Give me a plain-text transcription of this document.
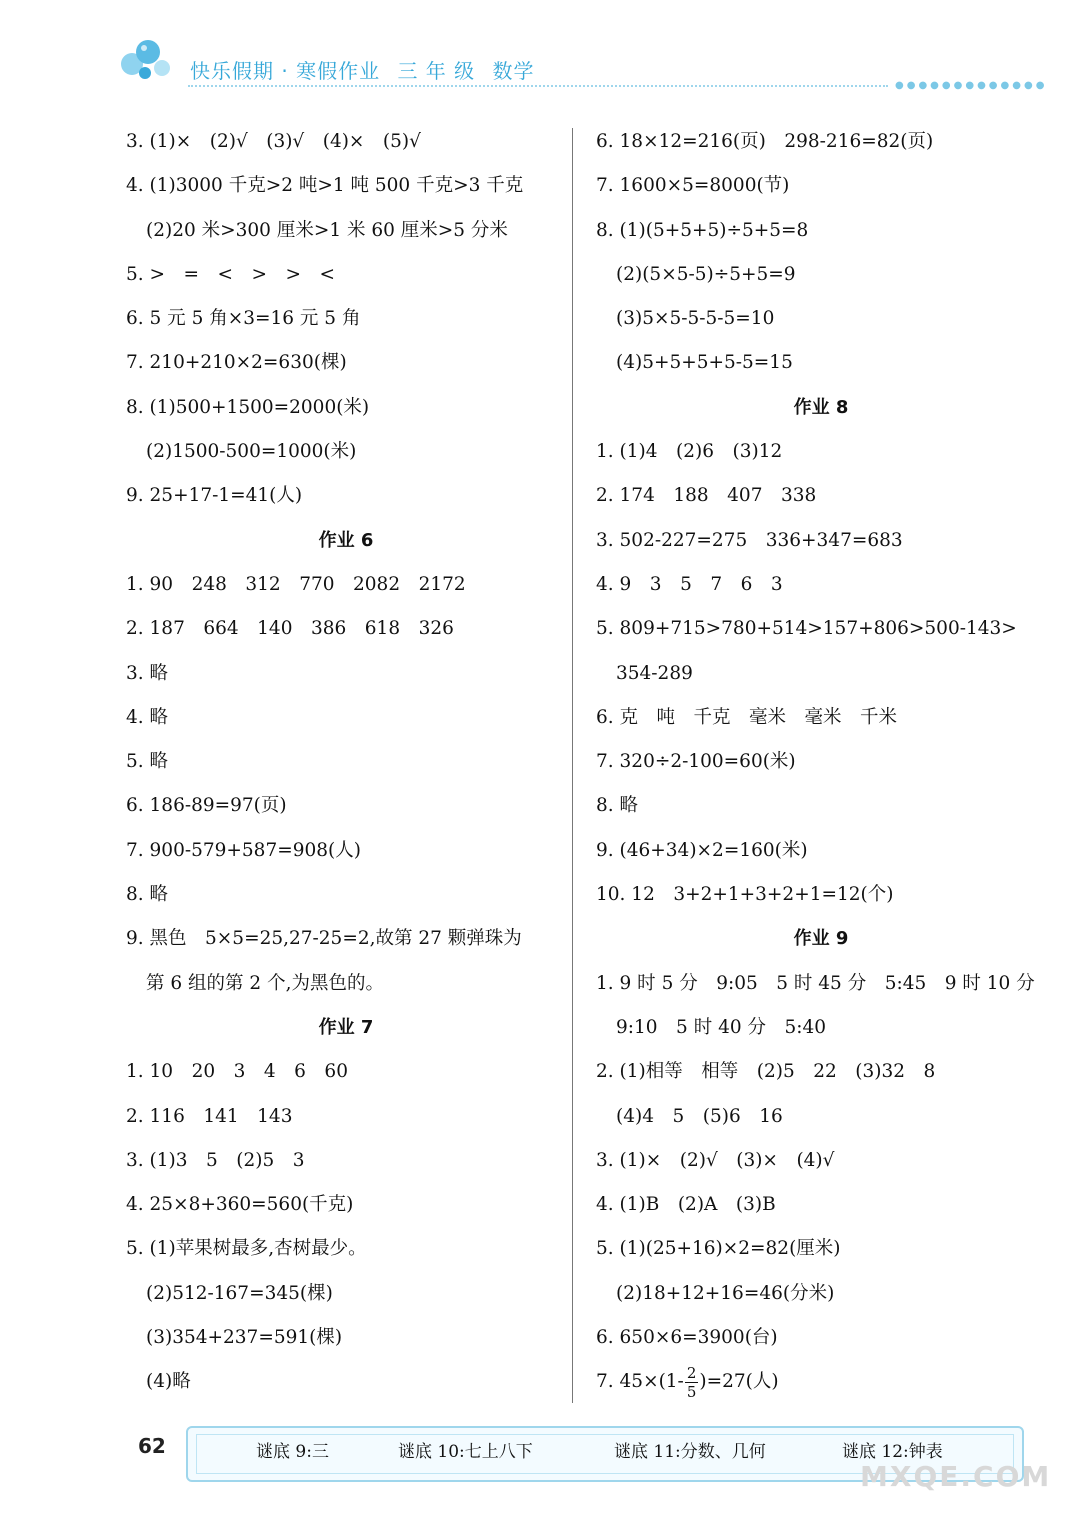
快乐假期 · 寒假作业 三 年 级 数学
●●●●●●●●●●●●●
3. (1)×　(2)√　(3)√　(4)×　(5)√
4. (1)3000 千克>2 吨>1 吨 500 千克>3 千克
(2)20 米>300 厘米>1 米 60 厘米>5 分米
5. >　=　<　>　>　<
6. 5 元 5 角×3=16 元 5 角
7. 210+210×2=630(棵)
8. (1)500+1500=2000(米)
(2)1500-500=1000(米)
9. 25+17-1=41(人)
作业 6
1. 90　248　312　770　2082　2172
2. 187　664　140　386　618　326
3. 略
4. 略
5. 略
6. 186-89=97(页)
7. 900-579+587=908(人)
8. 略
9. 黑色　5×5=25,27-25=2,故第 27 颗弹珠为
第 6 组的第 2 个,为黑色的。
作业 7
1. 10　20　3　4　6　60
2. 116　141　143
3. (1)3　5　(2)5　3
4. 25×8+360=560(千克)
5. (1)苹果树最多,杏树最少。
(2)512-167=345(棵)
(3)354+237=591(棵)
(4)略
6. 18×12=216(页)　298-216=82(页)
7. 1600×5=8000(节)
8. (1)(5+5+5)÷5+5=8
(2)(5×5-5)÷5+5=9
(3)5×5-5-5-5=10
(4)5+5+5+5-5=15
作业 8
1. (1)4　(2)6　(3)12
2. 174　188　407　338
3. 502-227=275　336+347=683
4. 9　3　5　7　6　3
5. 809+715>780+514>157+806>500-143>
354-289
6. 克　吨　千克　毫米　毫米　千米
7. 320÷2-100=60(米)
8. 略
9. (46+34)×2=160(米)
10. 12　3+2+1+3+2+1=12(个)
作业 9
1. 9 时 5 分　9:05　5 时 45 分　5:45　9 时 10 分
9:10　5 时 40 分　5:40
2. (1)相等　相等　(2)5　22　(3)32　8
(4)4　5　(5)6　16
3. (1)×　(2)√　(3)×　(4)√
4. (1)B　(2)A　(3)B
5. (1)(25+16)×2=82(厘米)
(2)18+12+16=46(分米)
6. 650×6=3900(台)
7. $45\times(1- \frac{2}{5} )=27$(人)
62	谜底 9:三	谜底 10:七上八下	谜底 11:分数、几何	谜底 12:钟表
MXQE.COM
